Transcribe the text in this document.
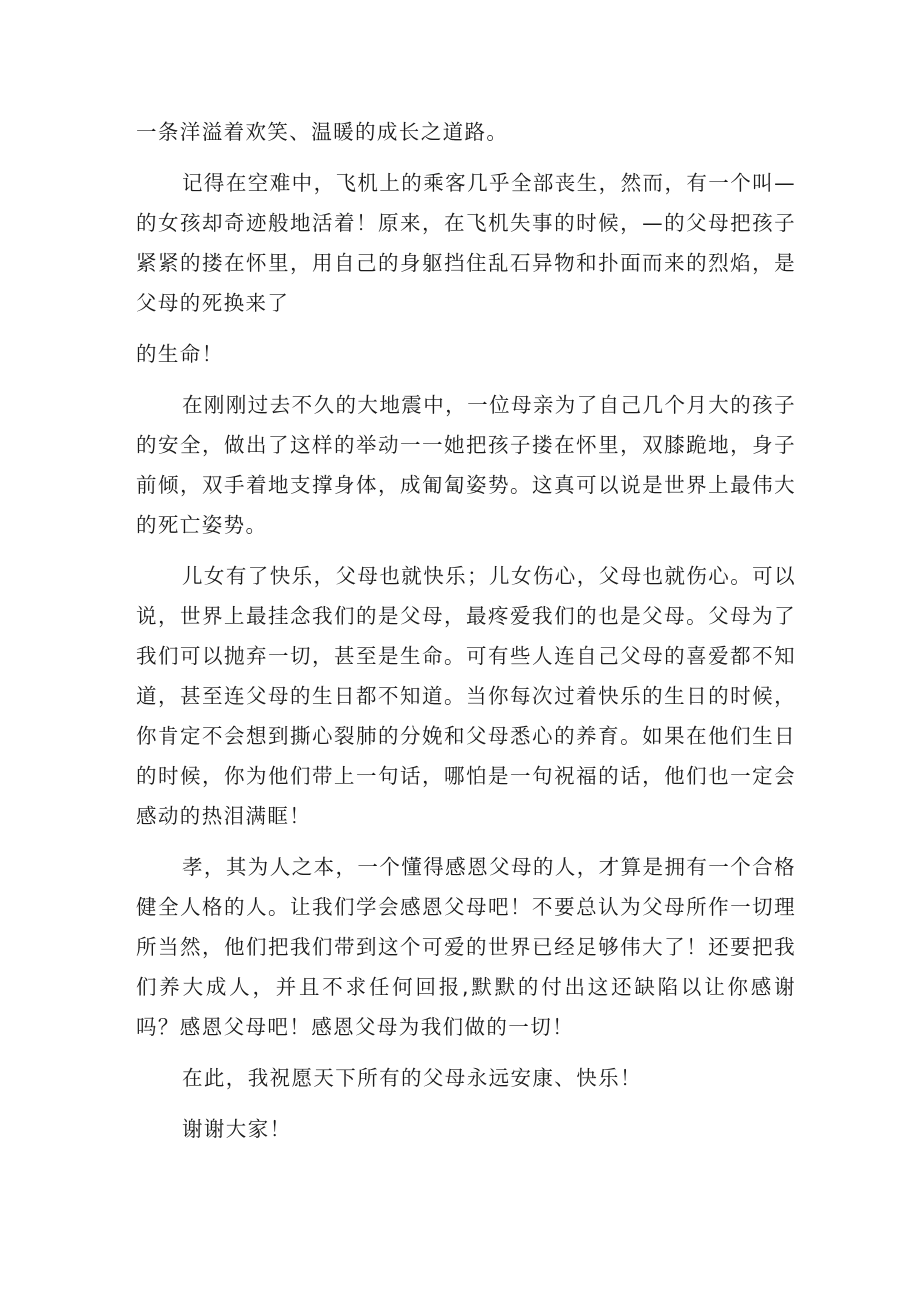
一条洋溢着欢笑、温暖的成长之道路。

记得在空难中，飞机上的乘客几乎全部丧生，然而，有一个叫—的女孩却奇迹般地活着！原来，在飞机失事的时候，—的父母把孩子紧紧的搂在怀里，用自己的身躯挡住乱石异物和扑面而来的烈焰，是父母的死换来了

的生命！

在刚刚过去不久的大地震中，一位母亲为了自己几个月大的孩子的安全，做出了这样的举动一一她把孩子搂在怀里，双膝跪地，身子前倾，双手着地支撑身体，成匍匐姿势。这真可以说是世界上最伟大的死亡姿势。

儿女有了快乐，父母也就快乐；儿女伤心，父母也就伤心。可以说，世界上最挂念我们的是父母，最疼爱我们的也是父母。父母为了我们可以抛弃一切，甚至是生命。可有些人连自己父母的喜爱都不知道，甚至连父母的生日都不知道。当你每次过着快乐的生日的时候，你肯定不会想到撕心裂肺的分娩和父母悉心的养育。如果在他们生日的时候，你为他们带上一句话，哪怕是一句祝福的话，他们也一定会感动的热泪满眶！

孝，其为人之本，一个懂得感恩父母的人，才算是拥有一个合格健全人格的人。让我们学会感恩父母吧！不要总认为父母所作一切理所当然，他们把我们带到这个可爱的世界已经足够伟大了！还要把我们养大成人，并且不求任何回报,默默的付出这还缺陷以让你感谢吗？感恩父母吧！感恩父母为我们做的一切！

在此，我祝愿天下所有的父母永远安康、快乐！

谢谢大家！
